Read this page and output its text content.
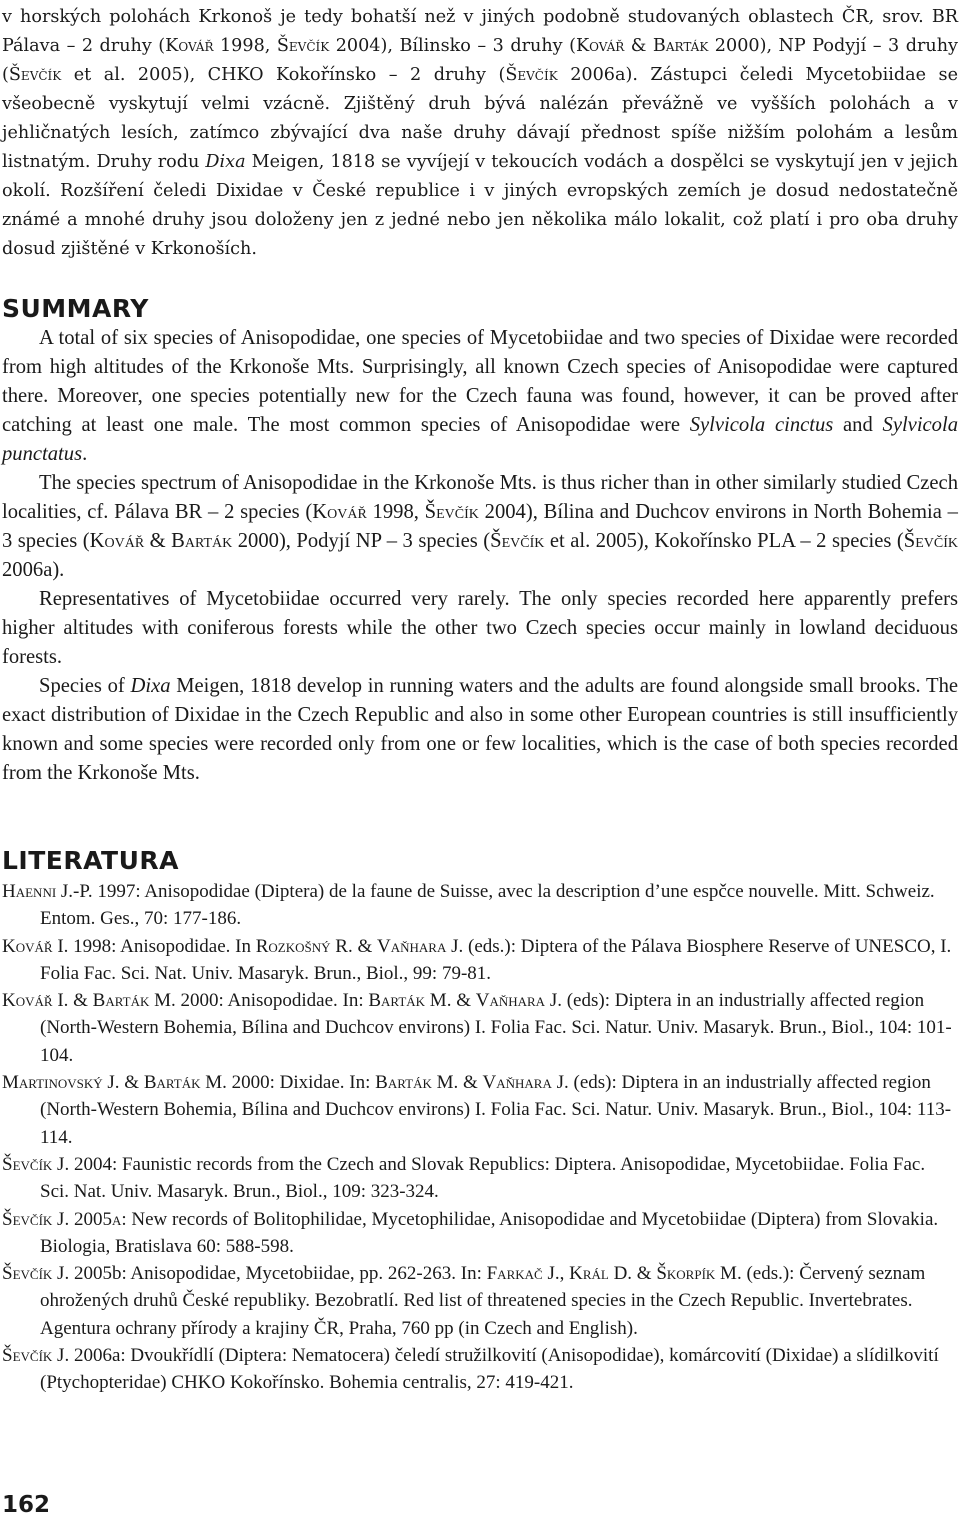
v horských polohách Krkonoš je tedy bohatší než v jiných podobně studovaných oblastech ČR, srov. BR Pálava – 2 druhy (Kovář 1998, Ševčík 2004), Bílinsko – 3 druhy (Kovář & Barták 2000), NP Podyjí – 3 druhy (Ševčík et al. 2005), CHKO Kokořínsko – 2 druhy (Ševčík 2006a). Zástupci čeledi Mycetobiidae se všeobecně vyskytují velmi vzácně. Zjištěný druh bývá nalézán převážně ve vyšších polohách a v jehličnatých lesích, zatímco zbývající dva naše druhy dávají přednost spíše nižším polohám a lesům listnatým. Druhy rodu Dixa Meigen, 1818 se vyvíjejí v tekoucích vodách a dospělci se vyskytují jen v jejich okolí. Rozšíření čeledi Dixidae v České republice i v jiných evropských zemích je dosud nedostatečně známé a mnohé druhy jsou doloženy jen z jedné nebo jen několika málo lokalit, což platí i pro oba druhy dosud zjištěné v Krkonoších.

SUMMARY

A total of six species of Anisopodidae, one species of Mycetobiidae and two species of Dixidae were recorded from high altitudes of the Krkonoše Mts. Surprisingly, all known Czech species of Anisopodidae were captured there. Moreover, one species potentially new for the Czech fauna was found, however, it can be proved after catching at least one male. The most common species of Anisopodidae were Sylvicola cinctus and Sylvicola punctatus.

The species spectrum of Anisopodidae in the Krkonoše Mts. is thus richer than in other similarly studied Czech localities, cf. Pálava BR – 2 species (Kovář 1998, Ševčík 2004), Bílina and Duchcov environs in North Bohemia – 3 species (Kovář & Barták 2000), Podyjí NP – 3 species (Ševčík et al. 2005), Kokořínsko PLA – 2 species (Ševčík 2006a).

Representatives of Mycetobiidae occurred very rarely. The only species recorded here apparently prefers higher altitudes with coniferous forests while the other two Czech species occur mainly in lowland deciduous forests.

Species of Dixa Meigen, 1818 develop in running waters and the adults are found alongside small brooks. The exact distribution of Dixidae in the Czech Republic and also in some other European countries is still insufficiently known and some species were recorded only from one or few localities, which is the case of both species recorded from the Krkonoše Mts.

LITERATURA

Haenni J.-P. 1997: Anisopodidae (Diptera) de la faune de Suisse, avec la description d’une espčce nouvelle. Mitt. Schweiz. Entom. Ges., 70: 177-186.

Kovář I. 1998: Anisopodidae. In Rozkošný R. & Vaňhara J. (eds.): Diptera of the Pálava Biosphere Reserve of UNESCO, I. Folia Fac. Sci. Nat. Univ. Masaryk. Brun., Biol., 99: 79-81.

Kovář I. & Barták M. 2000: Anisopodidae. In: Barták M. & Vaňhara J. (eds): Diptera in an industrially affected region (North-Western Bohemia, Bílina and Duchcov environs) I. Folia Fac. Sci. Natur. Univ. Masaryk. Brun., Biol., 104: 101-104.

Martinovský J. & Barták M. 2000: Dixidae. In: Barták M. & Vaňhara J. (eds): Diptera in an industrially affected region (North-Western Bohemia, Bílina and Duchcov environs) I. Folia Fac. Sci. Natur. Univ. Masaryk. Brun., Biol., 104: 113-114.

Ševčík J. 2004: Faunistic records from the Czech and Slovak Republics: Diptera. Anisopodidae, Mycetobiidae. Folia Fac. Sci. Nat. Univ. Masaryk. Brun., Biol., 109: 323-324.

Ševčík J. 2005a: New records of Bolitophilidae, Mycetophilidae, Anisopodidae and Mycetobiidae (Diptera) from Slovakia. Biologia, Bratislava 60: 588-598.

Ševčík J. 2005b: Anisopodidae, Mycetobiidae, pp. 262-263. In: Farkač J., Král D. & Škorpík M. (eds.): Červený seznam ohrožených druhů České republiky. Bezobratlí. Red list of threatened species in the Czech Republic. Invertebrates. Agentura ochrany přírody a krajiny ČR, Praha, 760 pp (in Czech and English).

Ševčík J. 2006a: Dvoukřídlí (Diptera: Nematocera) čeledí stružilkovití (Anisopodidae), komárcovití (Dixidae) a slídilkovití (Ptychopteridae) CHKO Kokořínsko. Bohemia centralis, 27: 419-421.

162
